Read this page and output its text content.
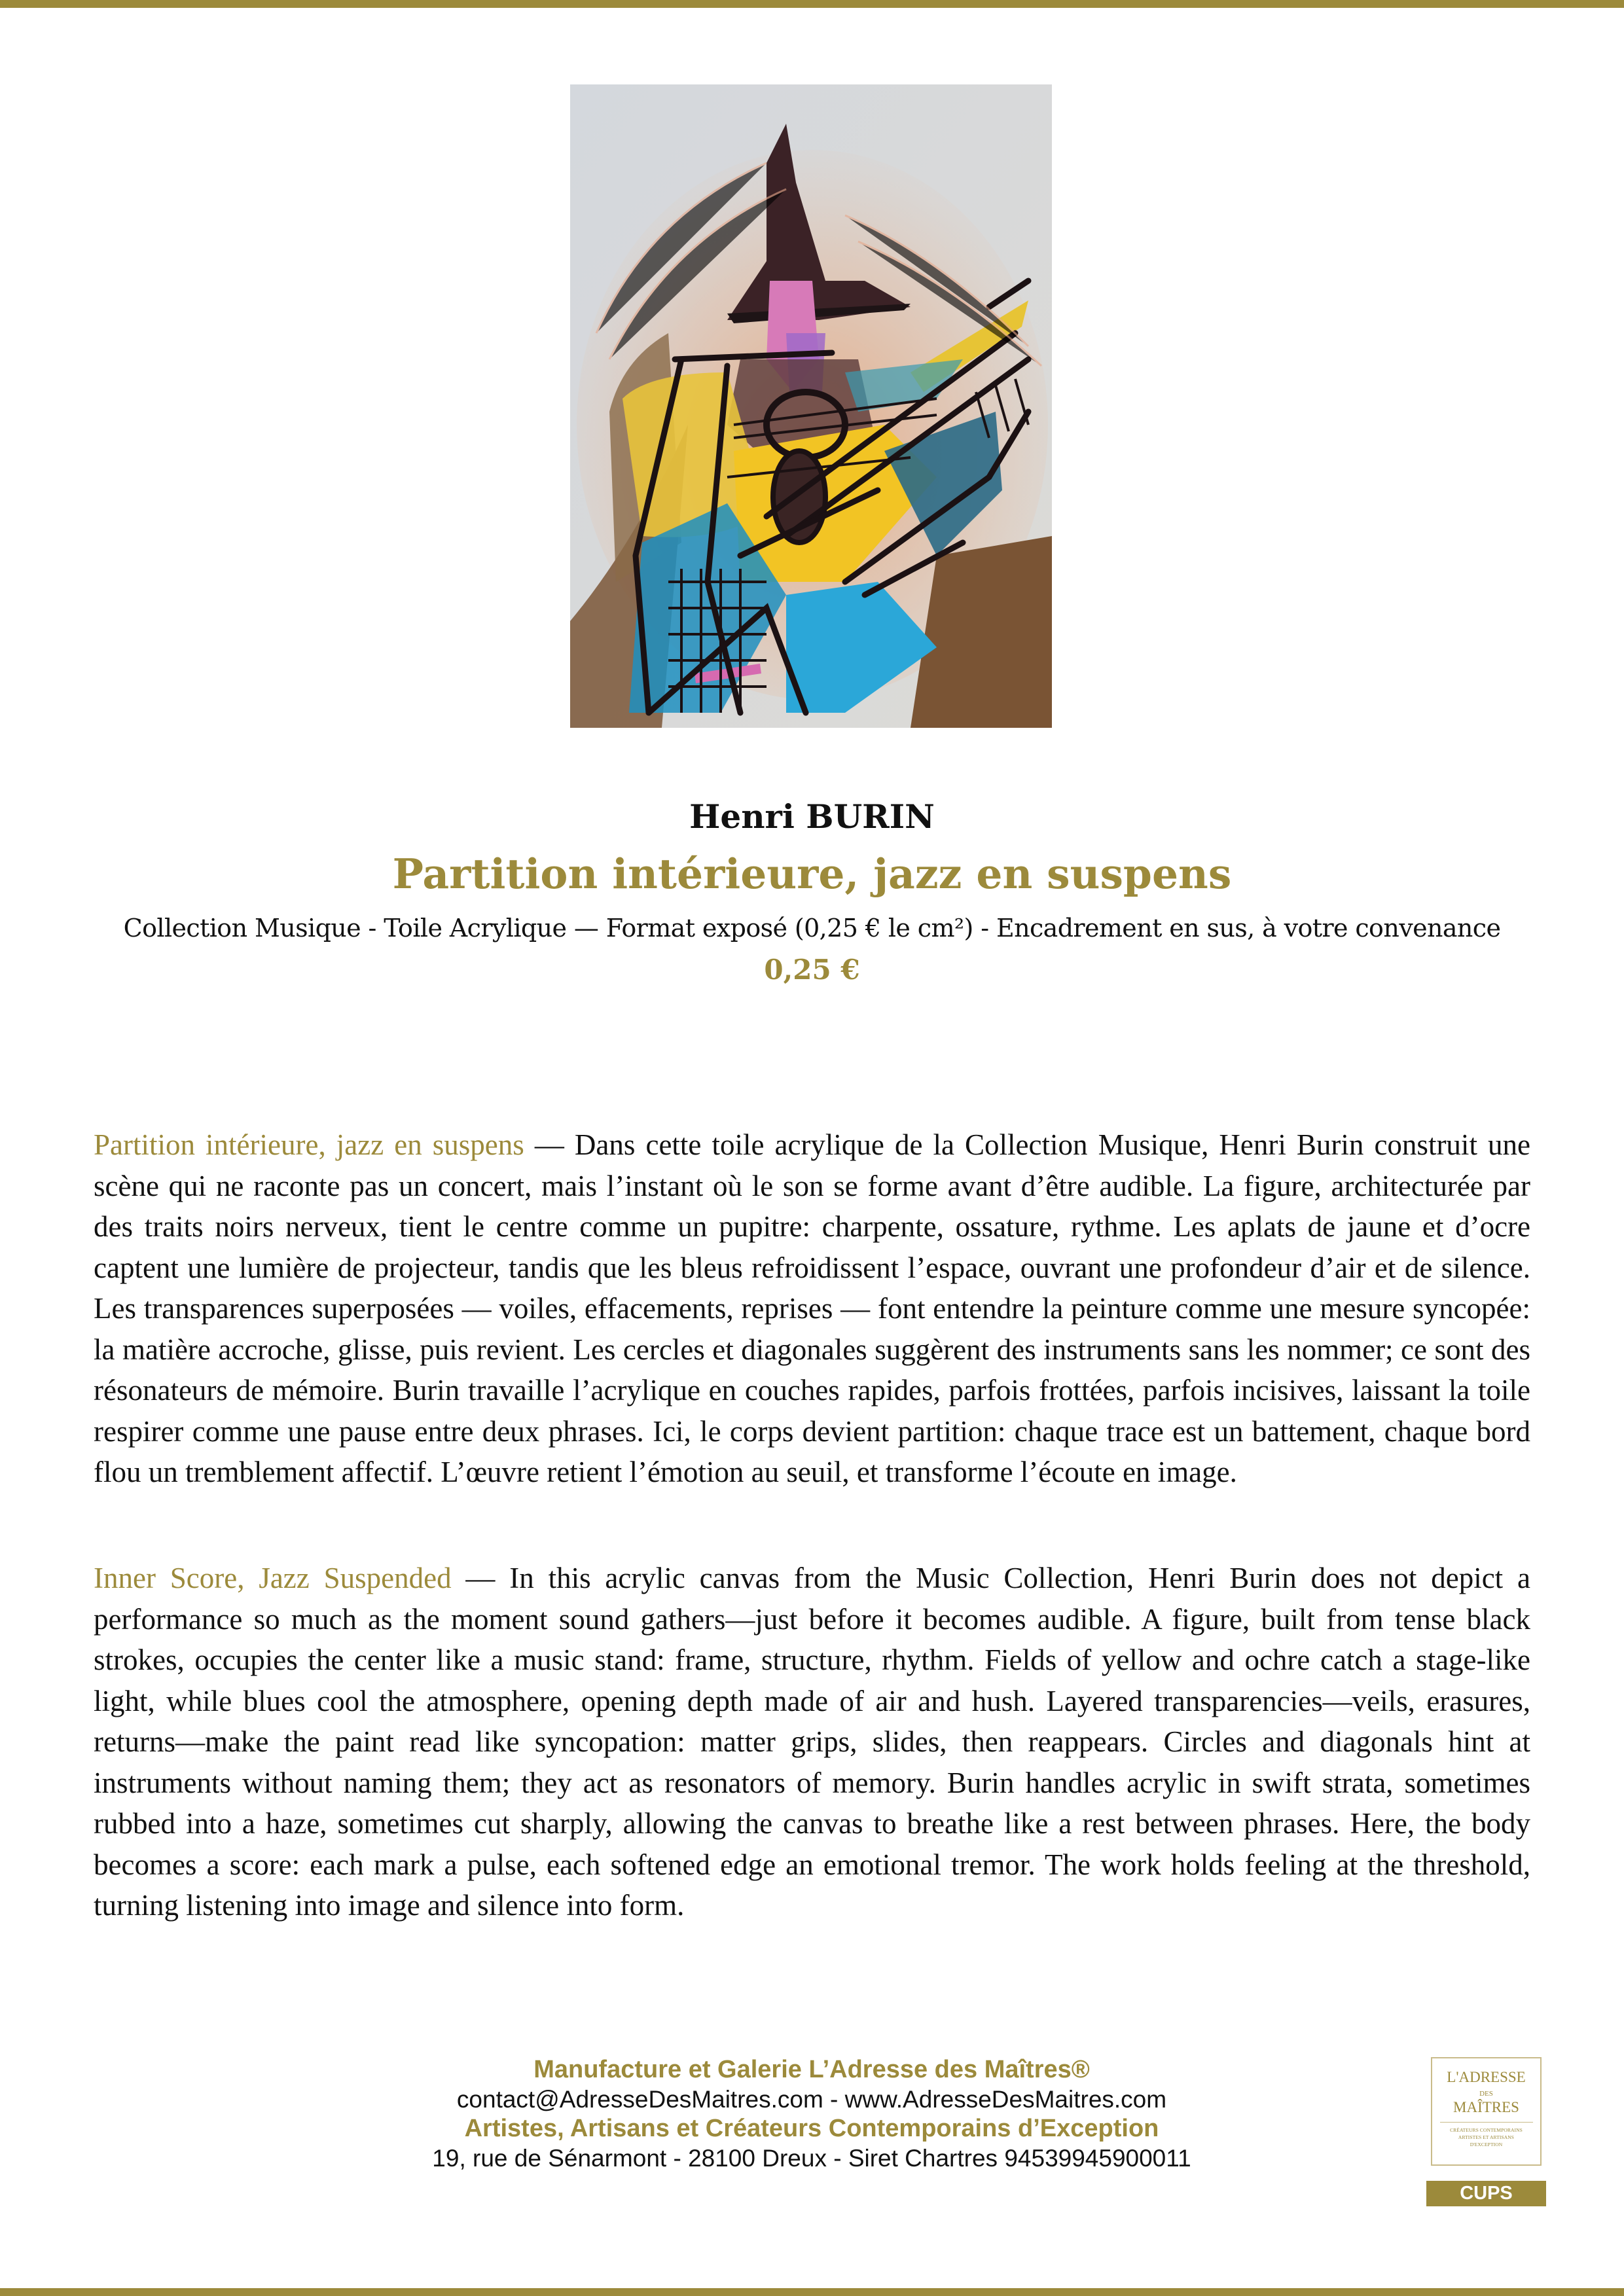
Henri BURIN
Partition intérieure, jazz en suspens
Collection Musique - Toile Acrylique — Format exposé (0,25 € le cm²) - Encadrement en sus, à votre convenance
0,25 €
Partition intérieure, jazz en suspens — Dans cette toile acrylique de la Collection Musique, Henri Burin construit une scène qui ne raconte pas un concert, mais l’instant où le son se forme avant d’être audible. La figure, architecturée par des traits noirs nerveux, tient le centre comme un pupitre: charpente, ossature, rythme. Les aplats de jaune et d’ocre captent une lumière de projecteur, tandis que les bleus refroidissent l’espace, ouvrant une profondeur d’air et de silence. Les transparences superposées — voiles, effacements, reprises — font entendre la peinture comme une mesure syncopée: la matière accroche, glisse, puis revient. Les cercles et diagonales suggèrent des instruments sans les nommer; ce sont des résonateurs de mémoire. Burin travaille l’acrylique en couches rapides, parfois frottées, parfois incisives, laissant la toile respirer comme une pause entre deux phrases. Ici, le corps devient partition: chaque trace est un battement, chaque bord flou un tremblement affectif. L’œuvre retient l’émotion au seuil, et transforme l’écoute en image.
Inner Score, Jazz Suspended — In this acrylic canvas from the Music Collection, Henri Burin does not depict a performance so much as the moment sound gathers—just before it becomes audible. A figure, built from tense black strokes, occupies the center like a music stand: frame, structure, rhythm. Fields of yellow and ochre catch a stage-like light, while blues cool the atmosphere, opening depth made of air and hush. Layered transparencies—veils, erasures, returns—make the paint read like syncopation: matter grips, slides, then reappears. Circles and diagonals hint at instruments without naming them; they act as resonators of memory. Burin handles acrylic in swift strata, sometimes rubbed into a haze, sometimes cut sharply, allowing the canvas to breathe like a rest between phrases. Here, the body becomes a score: each mark a pulse, each softened edge an emotional tremor. The work holds feeling at the threshold, turning listening into image and silence into form.
Manufacture et Galerie L’Adresse des Maîtres®
contact@AdresseDesMaitres.com - www.AdresseDesMaitres.com
Artistes, Artisans et Créateurs Contemporains d’Exception
19, rue de Sénarmont - 28100 Dreux - Siret Chartres 94539945900011
L'ADRESSE
DES
MAÎTRES
CRÉATEURS CONTEMPORAINS
ARTISTES ET ARTISANS
D'EXCEPTION
CUPS
